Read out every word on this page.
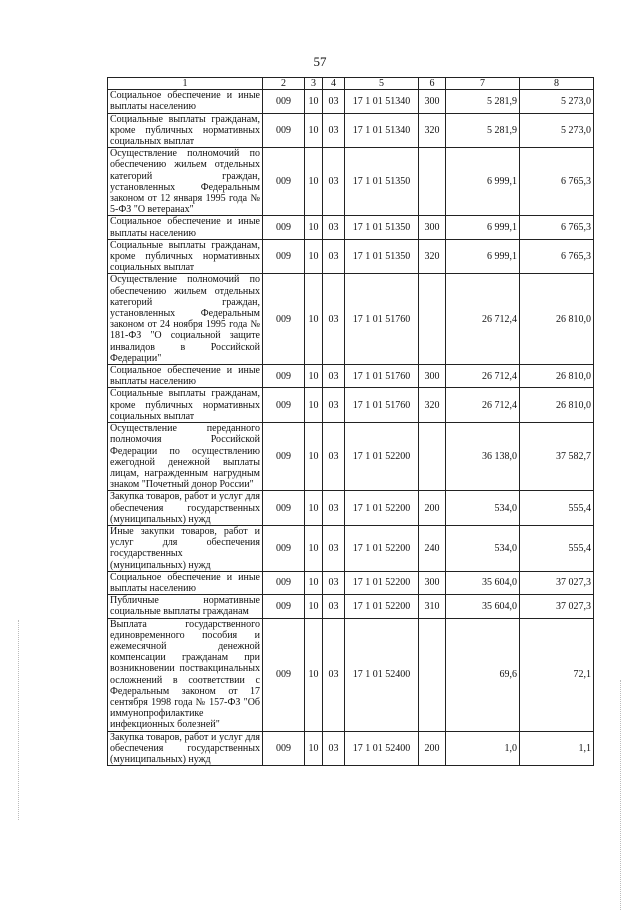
57
1	2	3	4	5	6	7	8
Социальное обеспечение и иные выплаты населению	009	10	03	17 1 01 51340	300	5 281,9	5 273,0
Социальные выплаты гражданам, кроме публичных нормативных социальных выплат	009	10	03	17 1 01 51340	320	5 281,9	5 273,0
Осуществление полномочий по обеспечению жильем отдельных категорий граждан, установленных Федеральным законом от 12 января 1995 года № 5-ФЗ "О ветеранах"	009	10	03	17 1 01 51350		6 999,1	6 765,3
Социальное обеспечение и иные выплаты населению	009	10	03	17 1 01 51350	300	6 999,1	6 765,3
Социальные выплаты гражданам, кроме публичных нормативных социальных выплат	009	10	03	17 1 01 51350	320	6 999,1	6 765,3
Осуществление полномочий по обеспечению жильем отдельных категорий граждан, установленных Федеральным законом от 24 ноября 1995 года № 181-ФЗ "О социальной защите инвалидов в Российской Федерации"	009	10	03	17 1 01 51760		26 712,4	26 810,0
Социальное обеспечение и иные выплаты населению	009	10	03	17 1 01 51760	300	26 712,4	26 810,0
Социальные выплаты гражданам, кроме публичных нормативных социальных выплат	009	10	03	17 1 01 51760	320	26 712,4	26 810,0
Осуществление переданного полномочия Российской Федерации по осуществлению ежегодной денежной выплаты лицам, награжденным нагрудным знаком "Почетный донор России"	009	10	03	17 1 01 52200		36 138,0	37 582,7
Закупка товаров, работ и услуг для обеспечения государственных (муниципальных) нужд	009	10	03	17 1 01 52200	200	534,0	555,4
Иные закупки товаров, работ и услуг для обеспечения государственных (муниципальных) нужд	009	10	03	17 1 01 52200	240	534,0	555,4
Социальное обеспечение и иные выплаты населению	009	10	03	17 1 01 52200	300	35 604,0	37 027,3
Публичные нормативные социальные выплаты гражданам	009	10	03	17 1 01 52200	310	35 604,0	37 027,3
Выплата государственного единовременного пособия и ежемесячной денежной компенсации гражданам при возникновении поствакцинальных осложнений в соответствии с Федеральным законом от 17 сентября 1998 года № 157-ФЗ "Об иммунопрофилактике инфекционных болезней"	009	10	03	17 1 01 52400		69,6	72,1
Закупка товаров, работ и услуг для обеспечения государственных (муниципальных) нужд	009	10	03	17 1 01 52400	200	1,0	1,1
